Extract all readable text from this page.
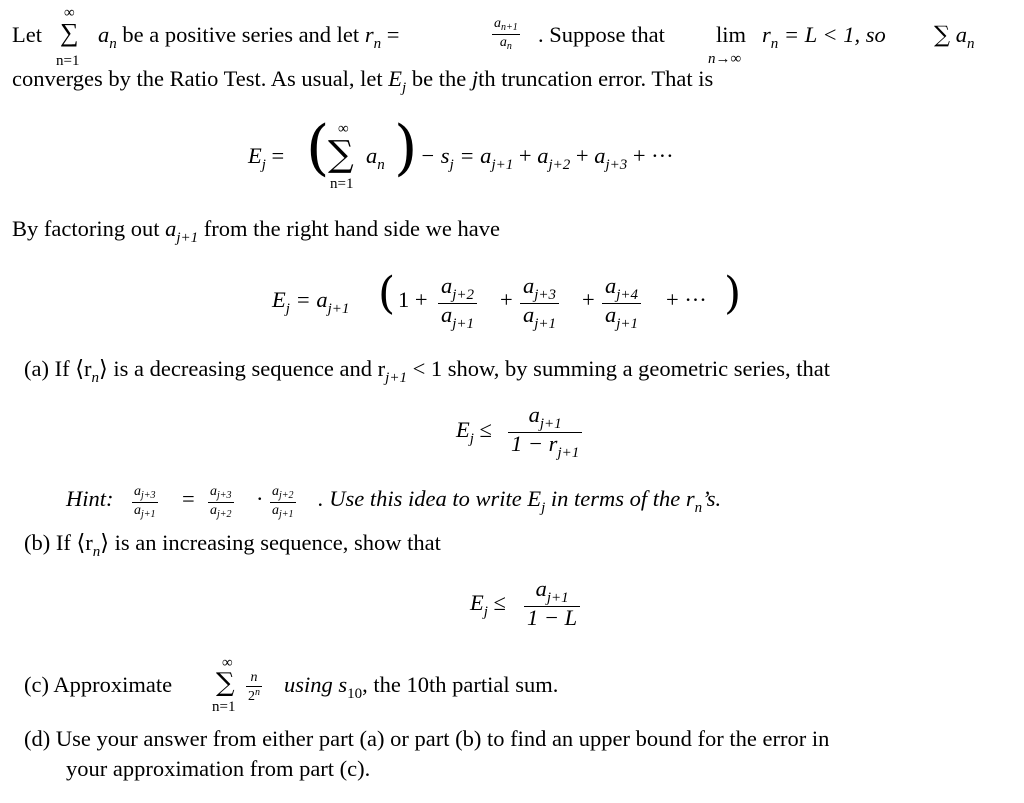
Let ∑
∞
n=1
$a_n$ be a positive series and let $r_n$ =	$\frac{a_{n+1}}{a_n}$ . Suppose that lim
n→∞
$r_n = L < 1$, so ∑ $a_n$
converges by the Ratio Test. As usual, let $E_j$ be the jth truncation error. That is
$E_j$ = ( ∞
∑
n=1
$a_n$ ) − $s_j = a_{j+1} + a_{j+2} + a_{j+3}$ + ···
By factoring out $a_{j+1}$ from the right hand side we have
$E_j = a_{j+1}$ ( $1 + \frac{a_{j+2}}{a_{j+1}} + \frac{a_{j+3}}{a_{j+1}} + \frac{a_{j+4}}{a_{j+1}}$ + ··· )
(a) If $⟨r_n⟩$ is a decreasing sequence and $r_{j+1} < 1$ show, by summing a geometric series, that
$E_j \le \frac{a_{j+1}}{1 - r_{j+1}}$
Hint: $\frac{a_{j+3}}{a_{j+1}} = \frac{a_{j+3}}{a_{j+2}} \cdot \frac{a_{j+2}}{a_{j+1}}$ . Use this idea to write $E_j$ in terms of the $r_n’s$.
(b) If $⟨r_n⟩$ is an increasing sequence, show that
$E_j \le \frac{a_{j+1}}{1 - L}$
(c) Approximate
∞
∑
n=1
$\frac{n}{2^n}$ using $s_{10}$, the 10th partial sum.
(d) Use your answer from either part (a) or part (b) to find an upper bound for the error in
your approximation from part (c).
